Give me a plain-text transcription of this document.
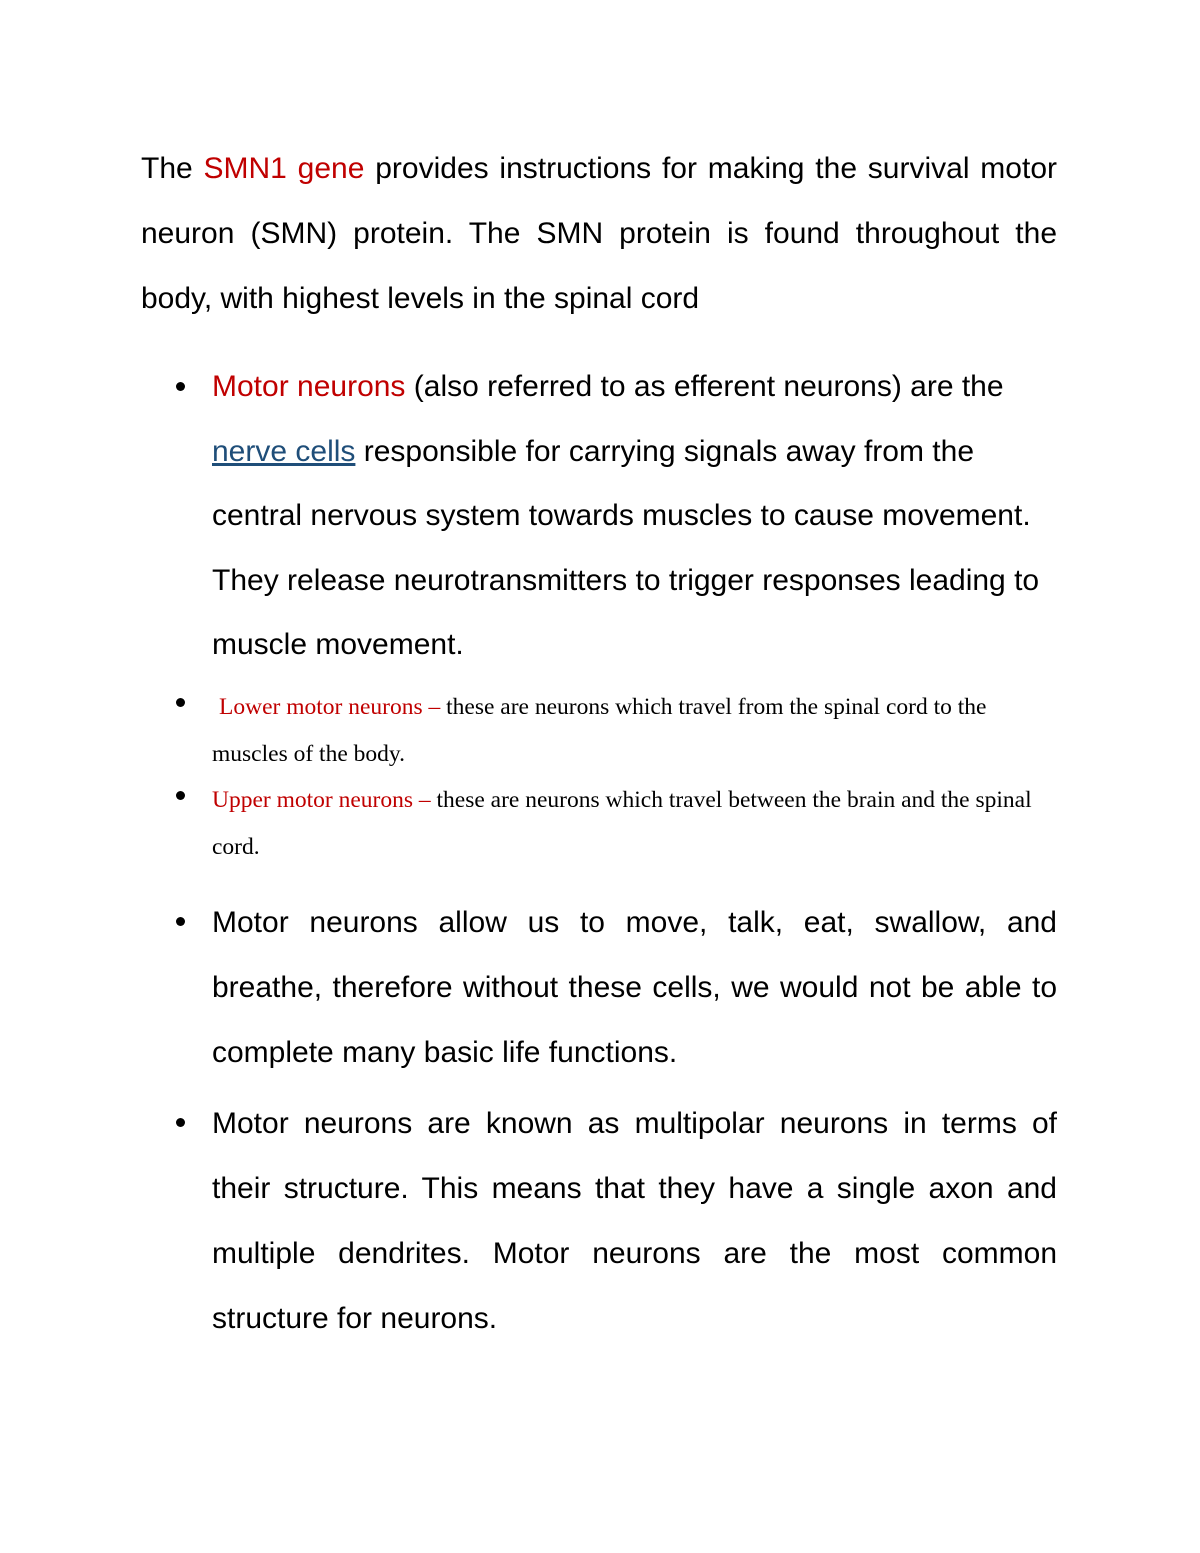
The SMN1 gene provides instructions for making the survival motor neuron (SMN) protein. The SMN protein is found throughout the body, with highest levels in the spinal cord

Motor neurons (also referred to as efferent neurons) are the nerve cells responsible for carrying signals away from the central nervous system towards muscles to cause movement. They release neurotransmitters to trigger responses leading to muscle movement.

Lower motor neurons – these are neurons which travel from the spinal cord to the muscles of the body.

Upper motor neurons – these are neurons which travel between the brain and the spinal cord.

Motor neurons allow us to move, talk, eat, swallow, and breathe, therefore without these cells, we would not be able to complete many basic life functions.

Motor neurons are known as multipolar neurons in terms of their structure. This means that they have a single axon and multiple dendrites. Motor neurons are the most common structure for neurons.
